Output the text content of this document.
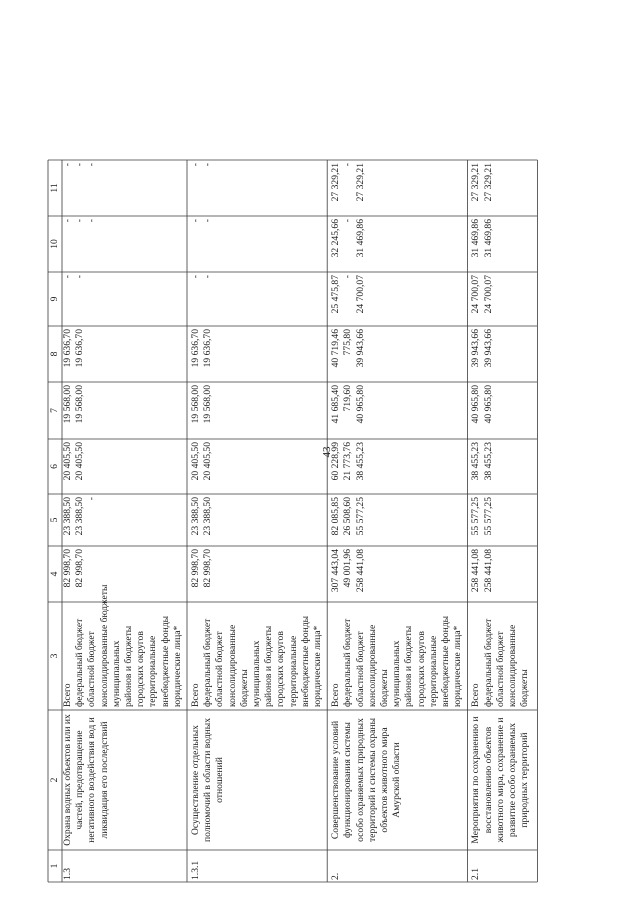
43
1
2
3
4
5
6
7
8
9
10
11
1.3
Охрана водных объектов или их частей, предотвращение негативного воздействия вод и ликвидация его последствий
Всего федеральный бюджет областной бюджет консолидированные бюджеты муниципальных районов и бюджеты городских округов территориальные внебюджетные фонды юридические лица*
82 998,70 82 998,70
23 388,50 23 388,50 -
20 405,50 20 405,50
19 568,00 19 568,00
19 636,70 19 636,70
- -
- - -
- - -
1.3.1
Осуществление отдельных полномочий в области водных отношений
Всего федеральный бюджет областной бюджет консолидированные бюджеты муниципальных районов и бюджеты городских округов территориальные внебюджетные фонды юридические лица*
82 998,70 82 998,70
23 388,50 23 388,50
20 405,50 20 405,50
19 568,00 19 568,00
19 636,70 19 636,70
- -
- -
- -
2.
Совершенствование условий функционирования системы особо охраняемых природных территорий и системы охраны объектов животного мира Амурской области
Всего федеральный бюджет областной бюджет консолидированные бюджеты муниципальных районов и бюджеты городских округов территориальные внебюджетные фонды юридические лица*
307 443,04 49 001,96 258 441,08
82 085,85 26 508,60 55 577,25
60 228,99 21 773,76 38 455,23
41 685,40 719,60 40 965,80
40 719,46 775,80 39 943,66
25 475,87 - 24 700,07
32 245,66 - 31 469,86
27 329,21 - 27 329,21
2.1
Мероприятия по сохранению и восстановлению объектов животного мира, сохранение и развитие особо охраняемых природных территорий
Всего федеральный бюджет областной бюджет консолидированные бюджеты
258 441,08 258 441,08
55 577,25 55 577,25
38 455,23 38 455,23
40 965,80 40 965,80
39 943,66 39 943,66
24 700,07 24 700,07
31 469,86 31 469,86
27 329,21 27 329,21
